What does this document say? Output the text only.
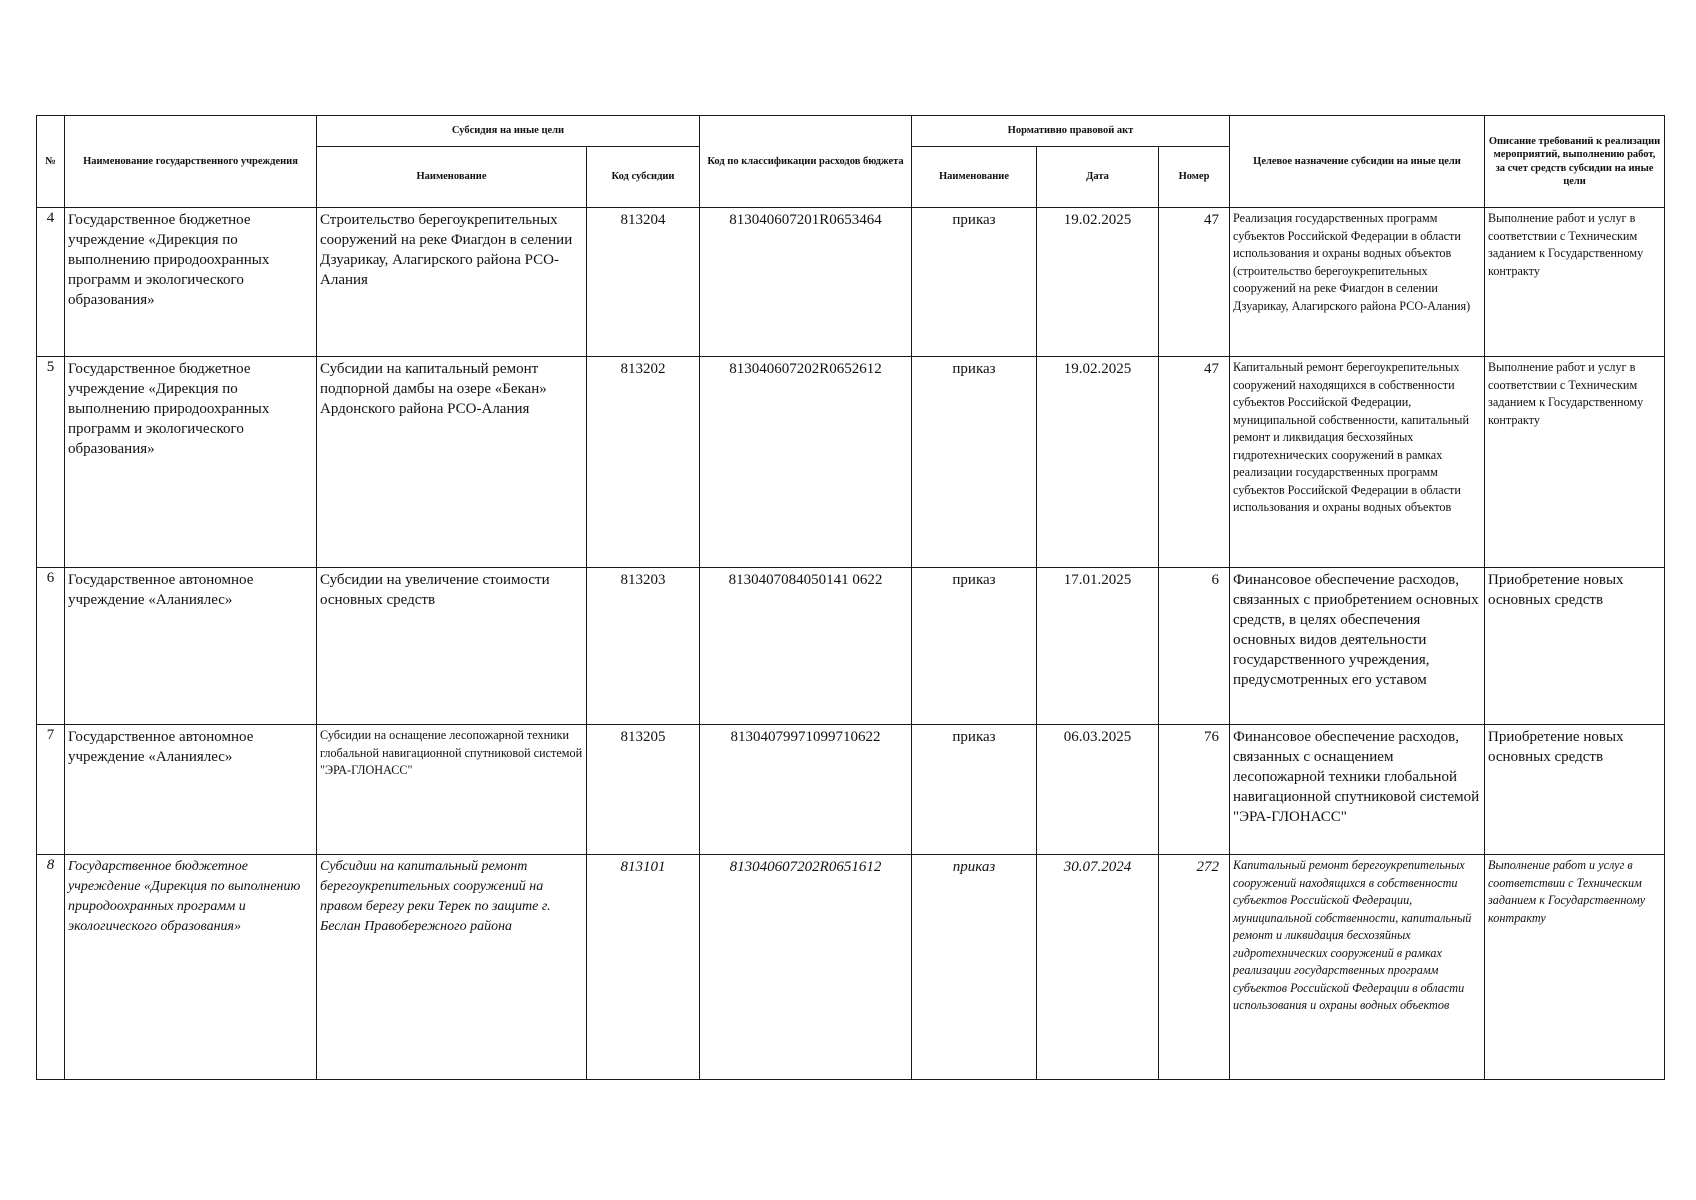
№	Наименование государственного учреждения	Субсидия на иные цели		Код по классификации расходов бюджета	Нормативно правовой акт			Целевое назначение субсидии на иные цели	Описание требований к реализации мероприятий, выполнению работ, за счет средств субсидии на иные цели
		Наименование	Код субсидии		Наименование	Дата	Номер		
4	Государственное бюджетное учреждение «Дирекция по выполнению природоохранных программ и экологического образования»	Строительство берегоукрепительных сооружений на реке Фиагдон в селении Дзуарикау, Алагирского района РСО-Алания	813204	813040607201R0653464	приказ	19.02.2025	47	Реализация государственных программ субъектов Российской Федерации в области использования и охраны водных объектов (строительство берегоукрепительных сооружений на реке Фиагдон в селении Дзуарикау, Алагирского района РСО-Алания)	Выполнение работ и услуг в соответствии с Техническим заданием к Государственному контракту
5	Государственное бюджетное учреждение «Дирекция по выполнению природоохранных программ и экологического образования»	Субсидии на капитальный ремонт подпорной дамбы на озере «Бекан» Ардонского района РСО-Алания	813202	813040607202R0652612	приказ	19.02.2025	47	Капитальный ремонт берегоукрепительных сооружений находящихся в собственности субъектов Российской Федерации, муниципальной собственности, капитальный ремонт и ликвидация бесхозяйных гидротехнических сооружений в рамках реализации государственных программ субъектов Российской Федерации в области использования и охраны водных объектов	Выполнение работ и услуг в соответствии с Техническим заданием к Государственному контракту
6	Государственное автономное учреждение «Аланиялес»	Субсидии на увеличение стоимости основных средств	813203	8130407084050141 0622	приказ	17.01.2025	6	Финансовое обеспечение расходов, связанных с приобретением основных средств, в целях обеспечения основных видов деятельности государственного учреждения, предусмотренных его уставом	Приобретение новых основных средств
7	Государственное автономное учреждение «Аланиялес»	Субсидии на оснащение лесопожарной техники глобальной навигационной спутниковой системой "ЭРА-ГЛОНАСС"	813205	81304079971099710622	приказ	06.03.2025	76	Финансовое обеспечение расходов, связанных с оснащением лесопожарной техники глобальной навигационной спутниковой системой "ЭРА-ГЛОНАСС"	Приобретение новых основных средств
8	Государственное бюджетное учреждение «Дирекция по выполнению природоохранных программ и экологического образования»	Субсидии на капитальный ремонт берегоукрепительных сооружений на правом берегу реки Терек по защите г. Беслан Правобережного района	813101	813040607202R0651612	приказ	30.07.2024	272	Капитальный ремонт берегоукрепительных сооружений находящихся в собственности субъектов Российской Федерации, муниципальной собственности, капитальный ремонт и ликвидация бесхозяйных гидротехнических сооружений в рамках реализации государственных программ субъектов Российской Федерации в области использования и охраны водных объектов	Выполнение работ и услуг в соответствии с Техническим заданием к Государственному контракту
